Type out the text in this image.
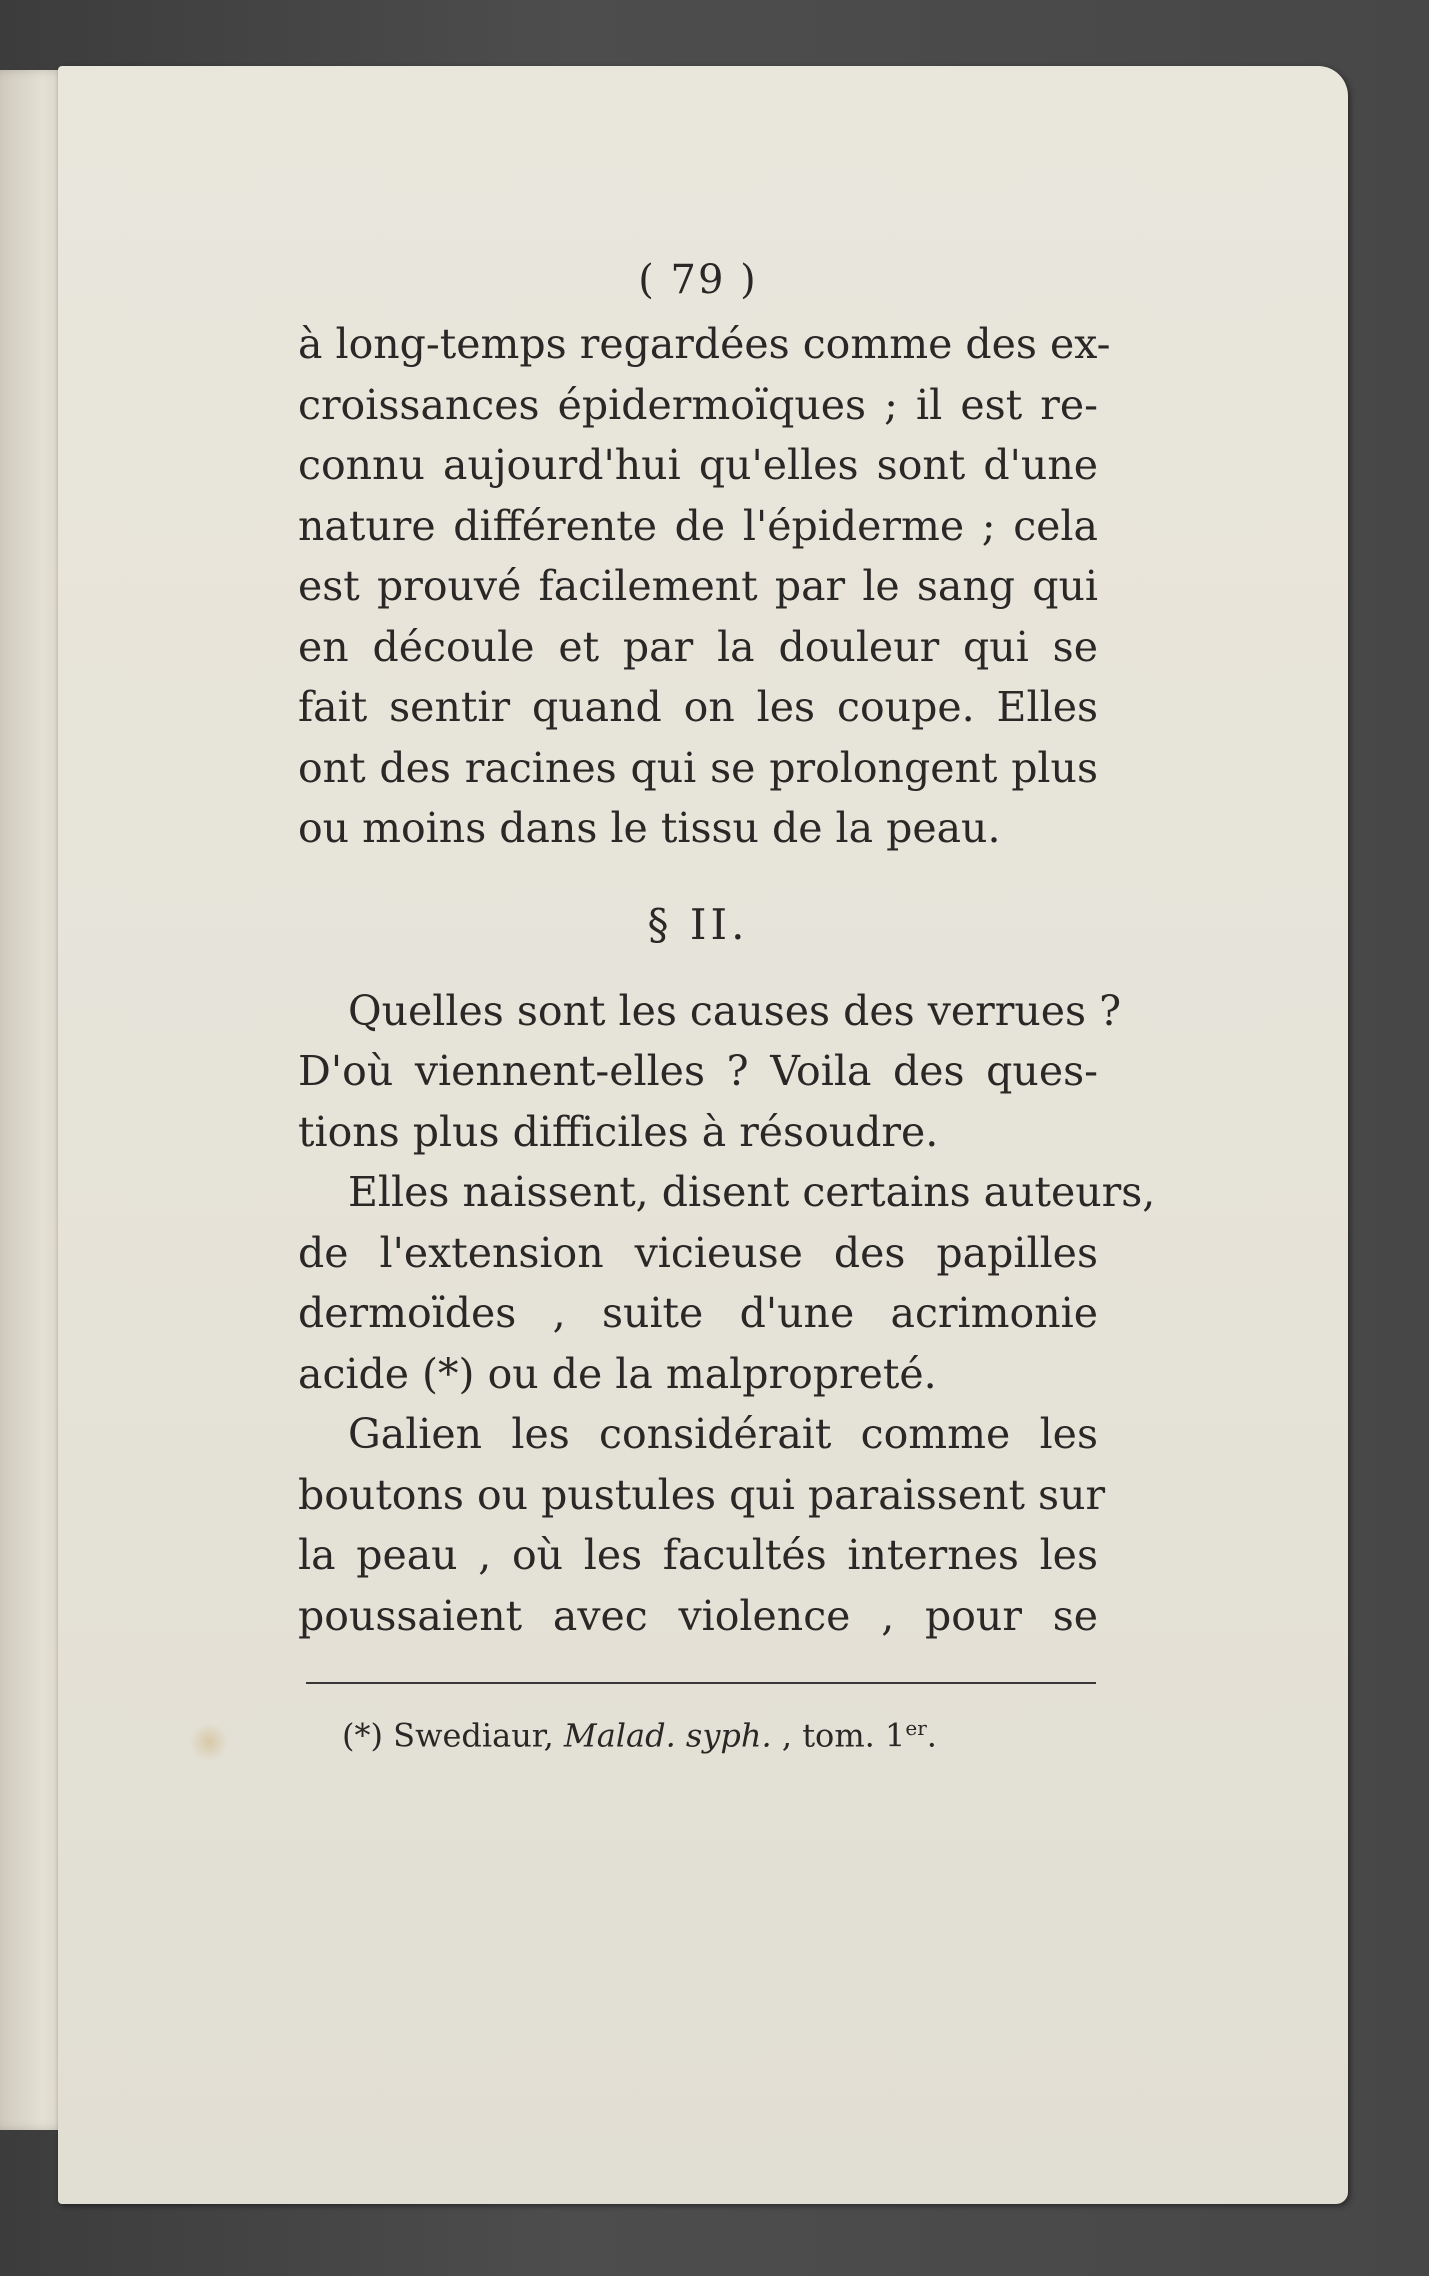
( 79 )
à long-temps regardées comme des ex-
croissances épidermoïques ; il est re-
connu aujourd'hui qu'elles sont d'une
nature différente de l'épiderme ; cela
est prouvé facilement par le sang qui
en découle et par la douleur qui se
fait sentir quand on les coupe. Elles
ont des racines qui se prolongent plus
ou moins dans le tissu de la peau.
§ II.
Quelles sont les causes des verrues ?
D'où viennent-elles ? Voila des ques-
tions plus difficiles à résoudre.
Elles naissent, disent certains auteurs,
de l'extension vicieuse des papilles
dermoïdes , suite d'une acrimonie
acide (*) ou de la malpropreté.
Galien les considérait comme les
boutons ou pustules qui paraissent sur
la peau , où les facultés internes les
poussaient avec violence , pour se
(*) Swediaur, Malad. syph. , tom. 1er.
